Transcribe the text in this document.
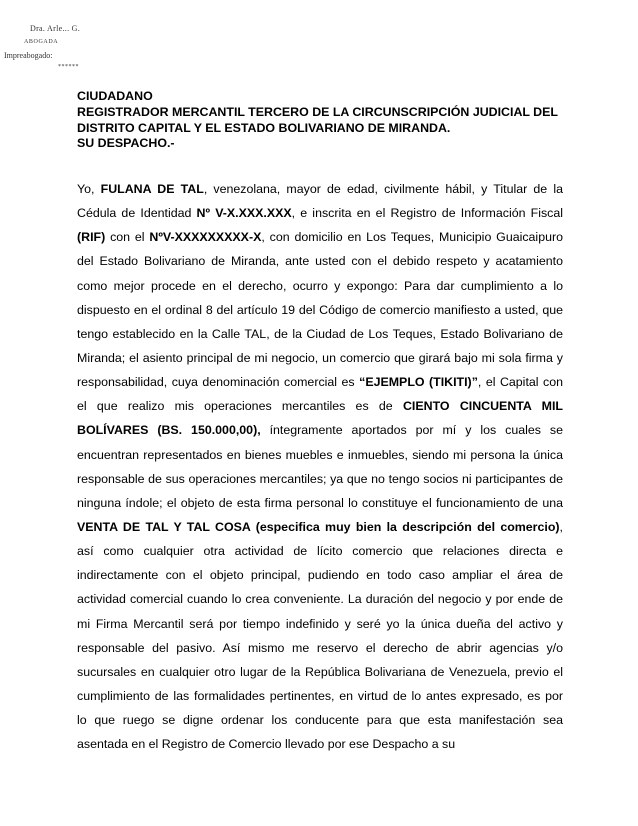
Dra. Arle... G.
ABOGADA
Impreabogado:
******
CIUDADANO
REGISTRADOR MERCANTIL TERCERO DE LA CIRCUNSCRIPCIÓN JUDICIAL DEL
DISTRITO CAPITAL Y EL ESTADO BOLIVARIANO DE MIRANDA.
SU DESPACHO.-
Yo, FULANA DE TAL, venezolana, mayor de edad, civilmente hábil, y Titular de la
Cédula de Identidad Nº V-X.XXX.XXX, e inscrita en el Registro de Información Fiscal
(RIF) con el NºV-XXXXXXXXX-X, con domicilio en Los Teques, Municipio Guaicaipuro
del Estado Bolivariano de Miranda, ante usted con el debido respeto y acatamiento
como mejor procede en el derecho, ocurro y expongo: Para dar cumplimiento a lo
dispuesto en el ordinal 8 del artículo 19 del Código de comercio manifiesto a usted, que
tengo establecido en la Calle TAL, de la Ciudad de Los Teques, Estado Bolivariano de
Miranda; el asiento principal de mi negocio, un comercio que girará bajo mi sola firma y
responsabilidad, cuya denominación comercial es “EJEMPLO (TIKITI)”, el Capital con
el que realizo mis operaciones mercantiles es de CIENTO CINCUENTA MIL
BOLÍVARES (BS. 150.000,00), íntegramente aportados por mí y los cuales se
encuentran representados en bienes muebles e inmuebles, siendo mi persona la única
responsable de sus operaciones mercantiles; ya que no tengo socios ni participantes de
ninguna índole; el objeto de esta firma personal lo constituye el funcionamiento de una
VENTA DE TAL Y TAL COSA (especifica muy bien la descripción del comercio),
así como cualquier otra actividad de lícito comercio que relaciones directa e
indirectamente con el objeto principal, pudiendo en todo caso ampliar el área de
actividad comercial cuando lo crea conveniente. La duración del negocio y por ende de
mi Firma Mercantil será por tiempo indefinido y seré yo la única dueña del activo y
responsable del pasivo. Así mismo me reservo el derecho de abrir agencias y/o
sucursales en cualquier otro lugar de la República Bolivariana de Venezuela, previo el
cumplimiento de las formalidades pertinentes, en virtud de lo antes expresado, es por
lo que ruego se digne ordenar los conducente para que esta manifestación sea
asentada en el Registro de Comercio llevado por ese Despacho a su
